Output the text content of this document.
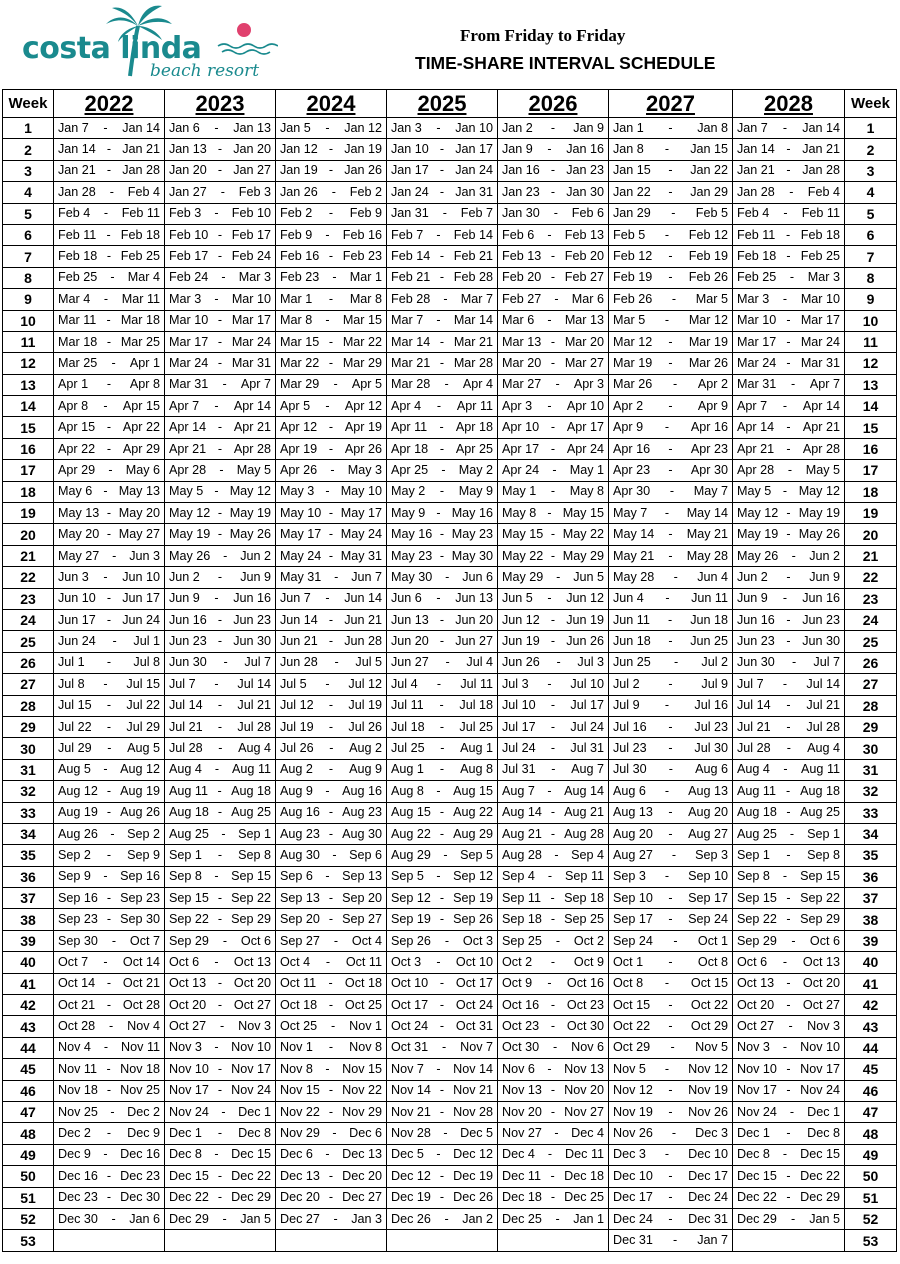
costa linda
beach resort
From Friday to Friday
TIME-SHARE INTERVAL SCHEDULE
Week	2022	2023	2024	2025	2026	2027	2028	Week
1	Jan 7 - Jan 14	Jan 6 - Jan 13	Jan 5 - Jan 12	Jan 3 - Jan 10	Jan 2 - Jan 9	Jan 1 - Jan 8	Jan 7 - Jan 14	1
2	Jan 14 - Jan 21	Jan 13 - Jan 20	Jan 12 - Jan 19	Jan 10 - Jan 17	Jan 9 - Jan 16	Jan 8 - Jan 15	Jan 14 - Jan 21	2
3	Jan 21 - Jan 28	Jan 20 - Jan 27	Jan 19 - Jan 26	Jan 17 - Jan 24	Jan 16 - Jan 23	Jan 15 - Jan 22	Jan 21 - Jan 28	3
4	Jan 28 - Feb 4	Jan 27 - Feb 3	Jan 26 - Feb 2	Jan 24 - Jan 31	Jan 23 - Jan 30	Jan 22 - Jan 29	Jan 28 - Feb 4	4
5	Feb 4 - Feb 11	Feb 3 - Feb 10	Feb 2 - Feb 9	Jan 31 - Feb 7	Jan 30 - Feb 6	Jan 29 - Feb 5	Feb 4 - Feb 11	5
6	Feb 11 - Feb 18	Feb 10 - Feb 17	Feb 9 - Feb 16	Feb 7 - Feb 14	Feb 6 - Feb 13	Feb 5 - Feb 12	Feb 11 - Feb 18	6
7	Feb 18 - Feb 25	Feb 17 - Feb 24	Feb 16 - Feb 23	Feb 14 - Feb 21	Feb 13 - Feb 20	Feb 12 - Feb 19	Feb 18 - Feb 25	7
8	Feb 25 - Mar 4	Feb 24 - Mar 3	Feb 23 - Mar 1	Feb 21 - Feb 28	Feb 20 - Feb 27	Feb 19 - Feb 26	Feb 25 - Mar 3	8
9	Mar 4 - Mar 11	Mar 3 - Mar 10	Mar 1 - Mar 8	Feb 28 - Mar 7	Feb 27 - Mar 6	Feb 26 - Mar 5	Mar 3 - Mar 10	9
10	Mar 11 - Mar 18	Mar 10 - Mar 17	Mar 8 - Mar 15	Mar 7 - Mar 14	Mar 6 - Mar 13	Mar 5 - Mar 12	Mar 10 - Mar 17	10
11	Mar 18 - Mar 25	Mar 17 - Mar 24	Mar 15 - Mar 22	Mar 14 - Mar 21	Mar 13 - Mar 20	Mar 12 - Mar 19	Mar 17 - Mar 24	11
12	Mar 25 - Apr 1	Mar 24 - Mar 31	Mar 22 - Mar 29	Mar 21 - Mar 28	Mar 20 - Mar 27	Mar 19 - Mar 26	Mar 24 - Mar 31	12
13	Apr 1 - Apr 8	Mar 31 - Apr 7	Mar 29 - Apr 5	Mar 28 - Apr 4	Mar 27 - Apr 3	Mar 26 - Apr 2	Mar 31 - Apr 7	13
14	Apr 8 - Apr 15	Apr 7 - Apr 14	Apr 5 - Apr 12	Apr 4 - Apr 11	Apr 3 - Apr 10	Apr 2 - Apr 9	Apr 7 - Apr 14	14
15	Apr 15 - Apr 22	Apr 14 - Apr 21	Apr 12 - Apr 19	Apr 11 - Apr 18	Apr 10 - Apr 17	Apr 9 - Apr 16	Apr 14 - Apr 21	15
16	Apr 22 - Apr 29	Apr 21 - Apr 28	Apr 19 - Apr 26	Apr 18 - Apr 25	Apr 17 - Apr 24	Apr 16 - Apr 23	Apr 21 - Apr 28	16
17	Apr 29 - May 6	Apr 28 - May 5	Apr 26 - May 3	Apr 25 - May 2	Apr 24 - May 1	Apr 23 - Apr 30	Apr 28 - May 5	17
18	May 6 - May 13	May 5 - May 12	May 3 - May 10	May 2 - May 9	May 1 - May 8	Apr 30 - May 7	May 5 - May 12	18
19	May 13 - May 20	May 12 - May 19	May 10 - May 17	May 9 - May 16	May 8 - May 15	May 7 - May 14	May 12 - May 19	19
20	May 20 - May 27	May 19 - May 26	May 17 - May 24	May 16 - May 23	May 15 - May 22	May 14 - May 21	May 19 - May 26	20
21	May 27 - Jun 3	May 26 - Jun 2	May 24 - May 31	May 23 - May 30	May 22 - May 29	May 21 - May 28	May 26 - Jun 2	21
22	Jun 3 - Jun 10	Jun 2 - Jun 9	May 31 - Jun 7	May 30 - Jun 6	May 29 - Jun 5	May 28 - Jun 4	Jun 2 - Jun 9	22
23	Jun 10 - Jun 17	Jun 9 - Jun 16	Jun 7 - Jun 14	Jun 6 - Jun 13	Jun 5 - Jun 12	Jun 4 - Jun 11	Jun 9 - Jun 16	23
24	Jun 17 - Jun 24	Jun 16 - Jun 23	Jun 14 - Jun 21	Jun 13 - Jun 20	Jun 12 - Jun 19	Jun 11 - Jun 18	Jun 16 - Jun 23	24
25	Jun 24 - Jul 1	Jun 23 - Jun 30	Jun 21 - Jun 28	Jun 20 - Jun 27	Jun 19 - Jun 26	Jun 18 - Jun 25	Jun 23 - Jun 30	25
26	Jul 1 - Jul 8	Jun 30 - Jul 7	Jun 28 - Jul 5	Jun 27 - Jul 4	Jun 26 - Jul 3	Jun 25 - Jul 2	Jun 30 - Jul 7	26
27	Jul 8 - Jul 15	Jul 7 - Jul 14	Jul 5 - Jul 12	Jul 4 - Jul 11	Jul 3 - Jul 10	Jul 2 - Jul 9	Jul 7 - Jul 14	27
28	Jul 15 - Jul 22	Jul 14 - Jul 21	Jul 12 - Jul 19	Jul 11 - Jul 18	Jul 10 - Jul 17	Jul 9 - Jul 16	Jul 14 - Jul 21	28
29	Jul 22 - Jul 29	Jul 21 - Jul 28	Jul 19 - Jul 26	Jul 18 - Jul 25	Jul 17 - Jul 24	Jul 16 - Jul 23	Jul 21 - Jul 28	29
30	Jul 29 - Aug 5	Jul 28 - Aug 4	Jul 26 - Aug 2	Jul 25 - Aug 1	Jul 24 - Jul 31	Jul 23 - Jul 30	Jul 28 - Aug 4	30
31	Aug 5 - Aug 12	Aug 4 - Aug 11	Aug 2 - Aug 9	Aug 1 - Aug 8	Jul 31 - Aug 7	Jul 30 - Aug 6	Aug 4 - Aug 11	31
32	Aug 12 - Aug 19	Aug 11 - Aug 18	Aug 9 - Aug 16	Aug 8 - Aug 15	Aug 7 - Aug 14	Aug 6 - Aug 13	Aug 11 - Aug 18	32
33	Aug 19 - Aug 26	Aug 18 - Aug 25	Aug 16 - Aug 23	Aug 15 - Aug 22	Aug 14 - Aug 21	Aug 13 - Aug 20	Aug 18 - Aug 25	33
34	Aug 26 - Sep 2	Aug 25 - Sep 1	Aug 23 - Aug 30	Aug 22 - Aug 29	Aug 21 - Aug 28	Aug 20 - Aug 27	Aug 25 - Sep 1	34
35	Sep 2 - Sep 9	Sep 1 - Sep 8	Aug 30 - Sep 6	Aug 29 - Sep 5	Aug 28 - Sep 4	Aug 27 - Sep 3	Sep 1 - Sep 8	35
36	Sep 9 - Sep 16	Sep 8 - Sep 15	Sep 6 - Sep 13	Sep 5 - Sep 12	Sep 4 - Sep 11	Sep 3 - Sep 10	Sep 8 - Sep 15	36
37	Sep 16 - Sep 23	Sep 15 - Sep 22	Sep 13 - Sep 20	Sep 12 - Sep 19	Sep 11 - Sep 18	Sep 10 - Sep 17	Sep 15 - Sep 22	37
38	Sep 23 - Sep 30	Sep 22 - Sep 29	Sep 20 - Sep 27	Sep 19 - Sep 26	Sep 18 - Sep 25	Sep 17 - Sep 24	Sep 22 - Sep 29	38
39	Sep 30 - Oct 7	Sep 29 - Oct 6	Sep 27 - Oct 4	Sep 26 - Oct 3	Sep 25 - Oct 2	Sep 24 - Oct 1	Sep 29 - Oct 6	39
40	Oct 7 - Oct 14	Oct 6 - Oct 13	Oct 4 - Oct 11	Oct 3 - Oct 10	Oct 2 - Oct 9	Oct 1 - Oct 8	Oct 6 - Oct 13	40
41	Oct 14 - Oct 21	Oct 13 - Oct 20	Oct 11 - Oct 18	Oct 10 - Oct 17	Oct 9 - Oct 16	Oct 8 - Oct 15	Oct 13 - Oct 20	41
42	Oct 21 - Oct 28	Oct 20 - Oct 27	Oct 18 - Oct 25	Oct 17 - Oct 24	Oct 16 - Oct 23	Oct 15 - Oct 22	Oct 20 - Oct 27	42
43	Oct 28 - Nov 4	Oct 27 - Nov 3	Oct 25 - Nov 1	Oct 24 - Oct 31	Oct 23 - Oct 30	Oct 22 - Oct 29	Oct 27 - Nov 3	43
44	Nov 4 - Nov 11	Nov 3 - Nov 10	Nov 1 - Nov 8	Oct 31 - Nov 7	Oct 30 - Nov 6	Oct 29 - Nov 5	Nov 3 - Nov 10	44
45	Nov 11 - Nov 18	Nov 10 - Nov 17	Nov 8 - Nov 15	Nov 7 - Nov 14	Nov 6 - Nov 13	Nov 5 - Nov 12	Nov 10 - Nov 17	45
46	Nov 18 - Nov 25	Nov 17 - Nov 24	Nov 15 - Nov 22	Nov 14 - Nov 21	Nov 13 - Nov 20	Nov 12 - Nov 19	Nov 17 - Nov 24	46
47	Nov 25 - Dec 2	Nov 24 - Dec 1	Nov 22 - Nov 29	Nov 21 - Nov 28	Nov 20 - Nov 27	Nov 19 - Nov 26	Nov 24 - Dec 1	47
48	Dec 2 - Dec 9	Dec 1 - Dec 8	Nov 29 - Dec 6	Nov 28 - Dec 5	Nov 27 - Dec 4	Nov 26 - Dec 3	Dec 1 - Dec 8	48
49	Dec 9 - Dec 16	Dec 8 - Dec 15	Dec 6 - Dec 13	Dec 5 - Dec 12	Dec 4 - Dec 11	Dec 3 - Dec 10	Dec 8 - Dec 15	49
50	Dec 16 - Dec 23	Dec 15 - Dec 22	Dec 13 - Dec 20	Dec 12 - Dec 19	Dec 11 - Dec 18	Dec 10 - Dec 17	Dec 15 - Dec 22	50
51	Dec 23 - Dec 30	Dec 22 - Dec 29	Dec 20 - Dec 27	Dec 19 - Dec 26	Dec 18 - Dec 25	Dec 17 - Dec 24	Dec 22 - Dec 29	51
52	Dec 30 - Jan 6	Dec 29 - Jan 5	Dec 27 - Jan 3	Dec 26 - Jan 2	Dec 25 - Jan 1	Dec 24 - Dec 31	Dec 29 - Jan 5	52
53						Dec 31 - Jan 7		53
